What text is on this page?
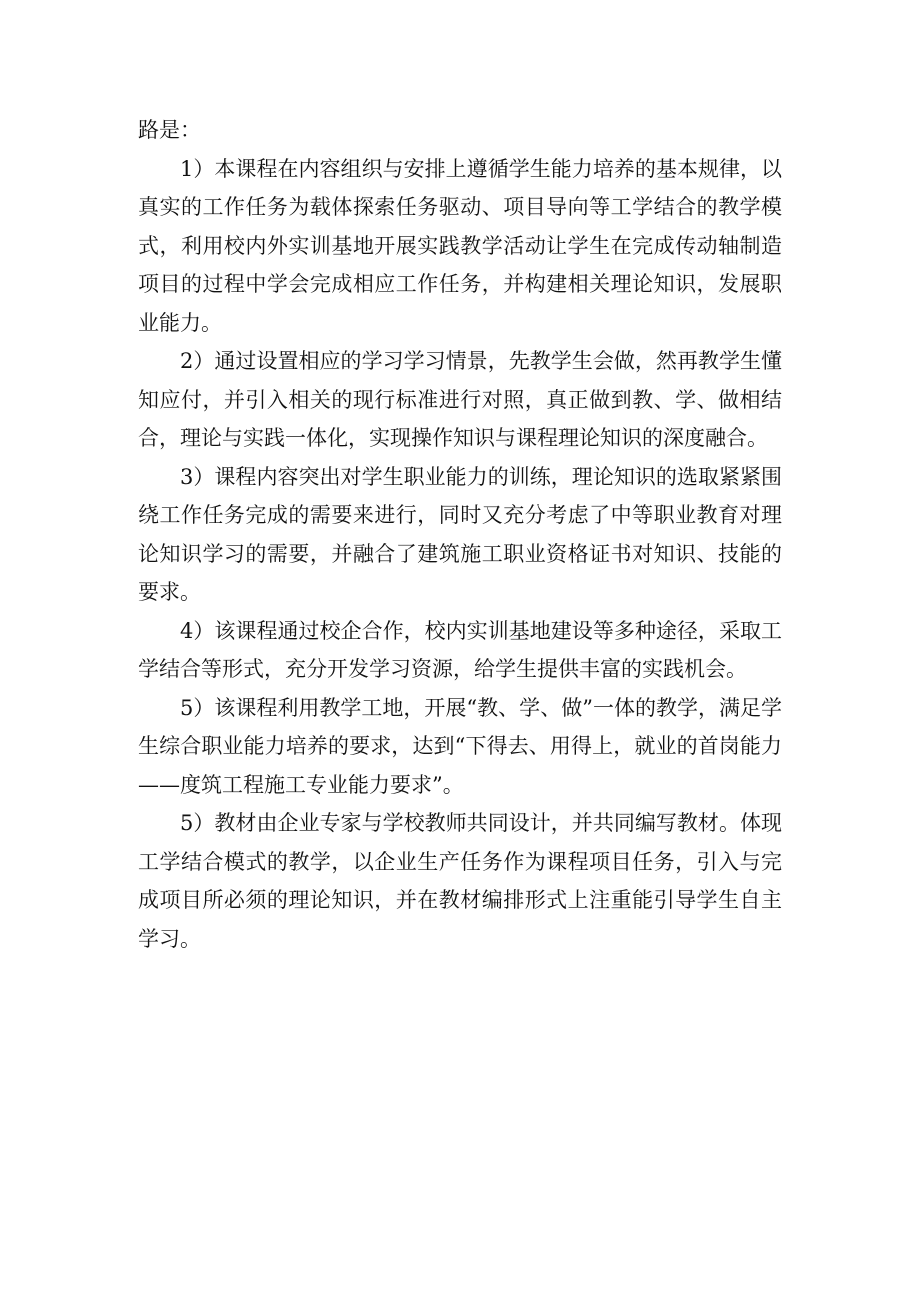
路是：

1）本课程在内容组织与安排上遵循学生能力培养的基本规律，以真实的工作任务为载体探索任务驱动、项目导向等工学结合的教学模式，利用校内外实训基地开展实践教学活动让学生在完成传动轴制造项目的过程中学会完成相应工作任务，并构建相关理论知识，发展职业能力。

2）通过设置相应的学习学习情景，先教学生会做，然再教学生懂知应付，并引入相关的现行标准进行对照，真正做到教、学、做相结合，理论与实践一体化，实现操作知识与课程理论知识的深度融合。

3）课程内容突出对学生职业能力的训练，理论知识的选取紧紧围绕工作任务完成的需要来进行，同时又充分考虑了中等职业教育对理论知识学习的需要，并融合了建筑施工职业资格证书对知识、技能的要求。

4）该课程通过校企合作，校内实训基地建设等多种途径，采取工学结合等形式，充分开发学习资源，给学生提供丰富的实践机会。

5）该课程利用教学工地，开展“教、学、做”一体的教学，满足学生综合职业能力培养的要求，达到“下得去、用得上，就业的首岗能力——度筑工程施工专业能力要求”。

5）教材由企业专家与学校教师共同设计，并共同编写教材。体现工学结合模式的教学，以企业生产任务作为课程项目任务，引入与完成项目所必须的理论知识，并在教材编排形式上注重能引导学生自主学习。
